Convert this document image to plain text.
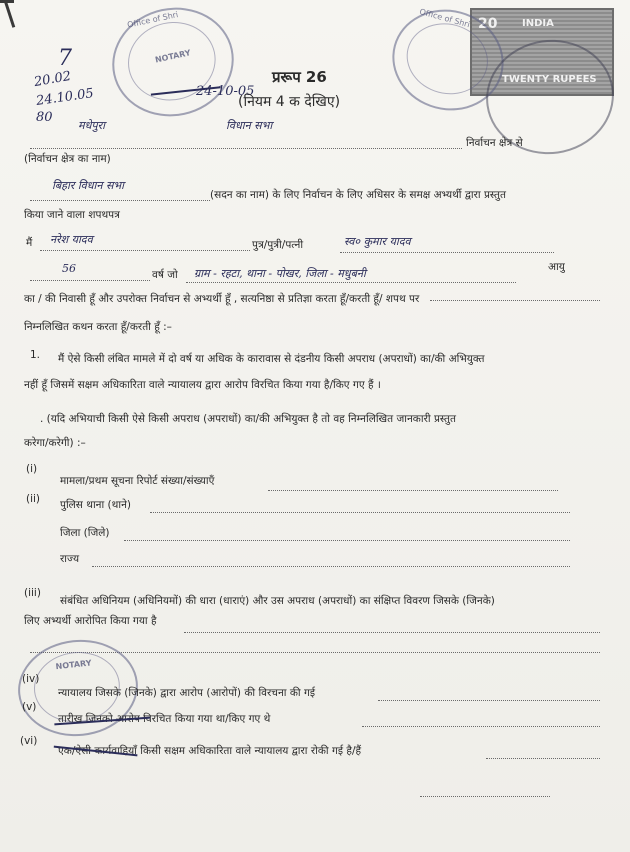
Office of Shri
NOTARY
20 INDIA
TWENTY RUPEES
Office of Shri
7
20.02
24.10.05
80
24-10-05
प्ररूप 26
(नियम 4 क देखिए)
मधेपुरा	विधान सभा
निर्वाचन क्षेत्र से
(निर्वाचन क्षेत्र का नाम)
बिहार विधान सभा
(सदन का नाम) के लिए निर्वाचन के लिए अधिसर के समक्ष अभ्यर्थी द्वारा प्रस्तुत
किया जाने वाला शपथपत्र
मैं नरेश यादव	पुत्र/पुत्री/पत्नी	स्व० कुमार यादव
56	वर्ष जो ग्राम - रहटा, थाना - पोखर, जिला - मधुबनी	आयु
का / की निवासी हूँ और उपरोक्त निर्वाचन से अभ्यर्थी हूँ , सत्यनिष्ठा से प्रतिज्ञा करता हूँ/करती हूँ/ शपथ पर
निम्नलिखित कथन करता हूँ/करती हूँ :–
1. मैं ऐसे किसी लंबित मामले में दो वर्ष या अधिक के कारावास से दंडनीय किसी अपराध (अपराधों) का/की अभियुक्त
नहीं हूँ जिसमें सक्षम अधिकारिता वाले न्यायालय द्वारा आरोप विरचित किया गया है/किए गए हैं ।
. (यदि अभियाची किसी ऐसे किसी अपराध (अपराधों) का/की अभियुक्त है तो वह निम्नलिखित जानकारी प्रस्तुत
करेगा/करेगी) :–
(i)
मामला/प्रथम सूचना रिपोर्ट संख्या/संख्याएँ
(ii) पुलिस थाना (थाने)
जिला (जिले)
राज्य
(iii)
संबंधित अधिनियम (अधिनियमों) की धारा (धाराएं) और उस अपराध (अपराधों) का संक्षिप्त विवरण जिसके (जिनके)
लिए अभ्यर्थी आरोपित किया गया है
NOTARY
(iv)
न्यायालय जिसके (जिनके) द्वारा आरोप (आरोपों) की विरचना की गई
(v)
तारीख जिनको आरोप विरचित किया गया था/किए गए थे
(vi)
एक/ऐसी कार्यवाहियाँ किसी सक्षम अधिकारिता वाले न्यायालय द्वारा रोकी गई है/हैं
